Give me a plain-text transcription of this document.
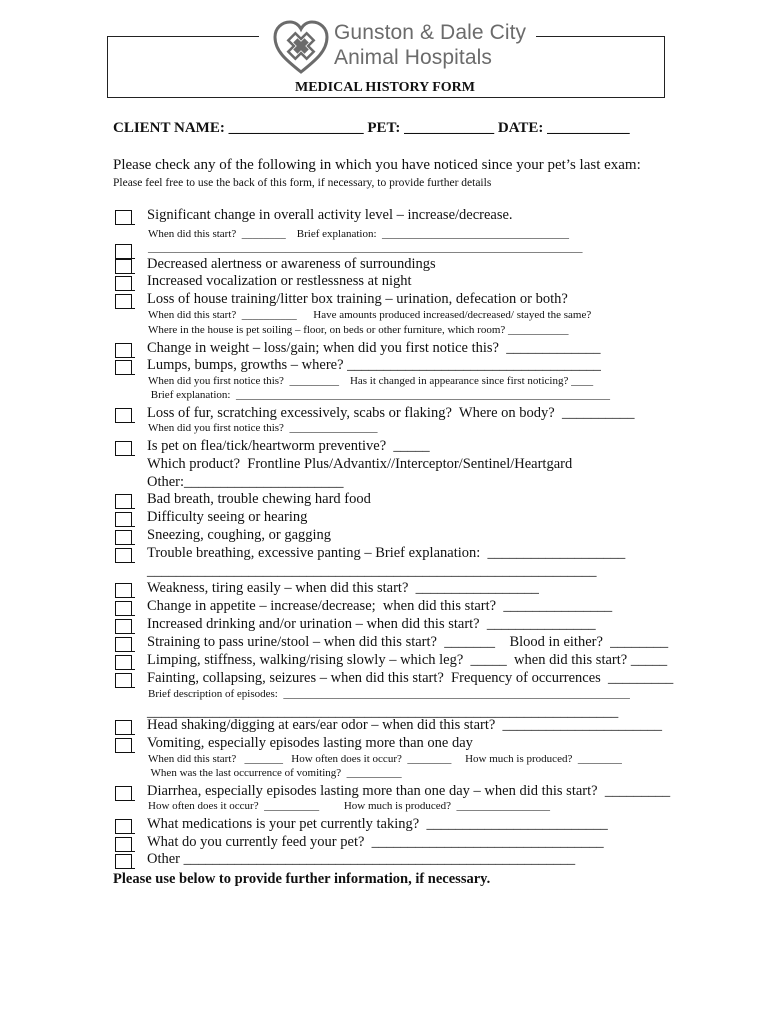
Gunston & Dale City
Animal Hospitals
MEDICAL HISTORY FORM
CLIENT NAME: __________________ PET: ____________ DATE: ___________
Please check any of the following in which you have noticed since your pet’s last exam:
Please feel free to use the back of this form, if necessary, to provide further details
Significant change in overall activity level – increase/decrease.
When did this start?  ________    Brief explanation:  __________________________________
_______________________________________________________________________________
Decreased alertness or awareness of surroundings
Increased vocalization or restlessness at night
Loss of house training/litter box training – urination, defecation or both?
When did this start?  __________      Have amounts produced increased/decreased/ stayed the same?
Where in the house is pet soiling – floor, on beds or other furniture, which room? ___________
Change in weight – loss/gain; when did you first notice this?  _____________
Lumps, bumps, growths – where? ___________________________________
When did you first notice this?  _________    Has it changed in appearance since first noticing? ____
Brief explanation:  ____________________________________________________________________
Loss of fur, scratching excessively, scabs or flaking?  Where on body?  __________
When did you first notice this?  ________________
Is pet on flea/tick/heartworm preventive?  _____
Which product?  Frontline Plus/Advantix//Interceptor/Sentinel/Heartgard
Other:______________________
Bad breath, trouble chewing hard food
Difficulty seeing or hearing
Sneezing, coughing, or gagging
Trouble breathing, excessive panting – Brief explanation:  ___________________
______________________________________________________________
Weakness, tiring easily – when did this start?  _________________
Change in appetite – increase/decrease;  when did this start?  _______________
Increased drinking and/or urination – when did this start?  _______________
Straining to pass urine/stool – when did this start?  _______    Blood in either?  ________
Limping, stiffness, walking/rising slowly – which leg?  _____  when did this start? _____
Fainting, collapsing, seizures – when did this start?  Frequency of occurrences  _________
Brief description of episodes:  _______________________________________________________________
_________________________________________________________________
Head shaking/digging at ears/ear odor – when did this start?  ______________________
Vomiting, especially episodes lasting more than one day
When did this start?   _______   How often does it occur?  ________     How much is produced?  ________
When was the last occurrence of vomiting?  __________
Diarrhea, especially episodes lasting more than one day – when did this start?  _________
How often does it occur?  __________         How much is produced?  _________________
What medications is your pet currently taking?  _________________________
What do you currently feed your pet?  ________________________________
Other ______________________________________________________
Please use below to provide further information, if necessary.
